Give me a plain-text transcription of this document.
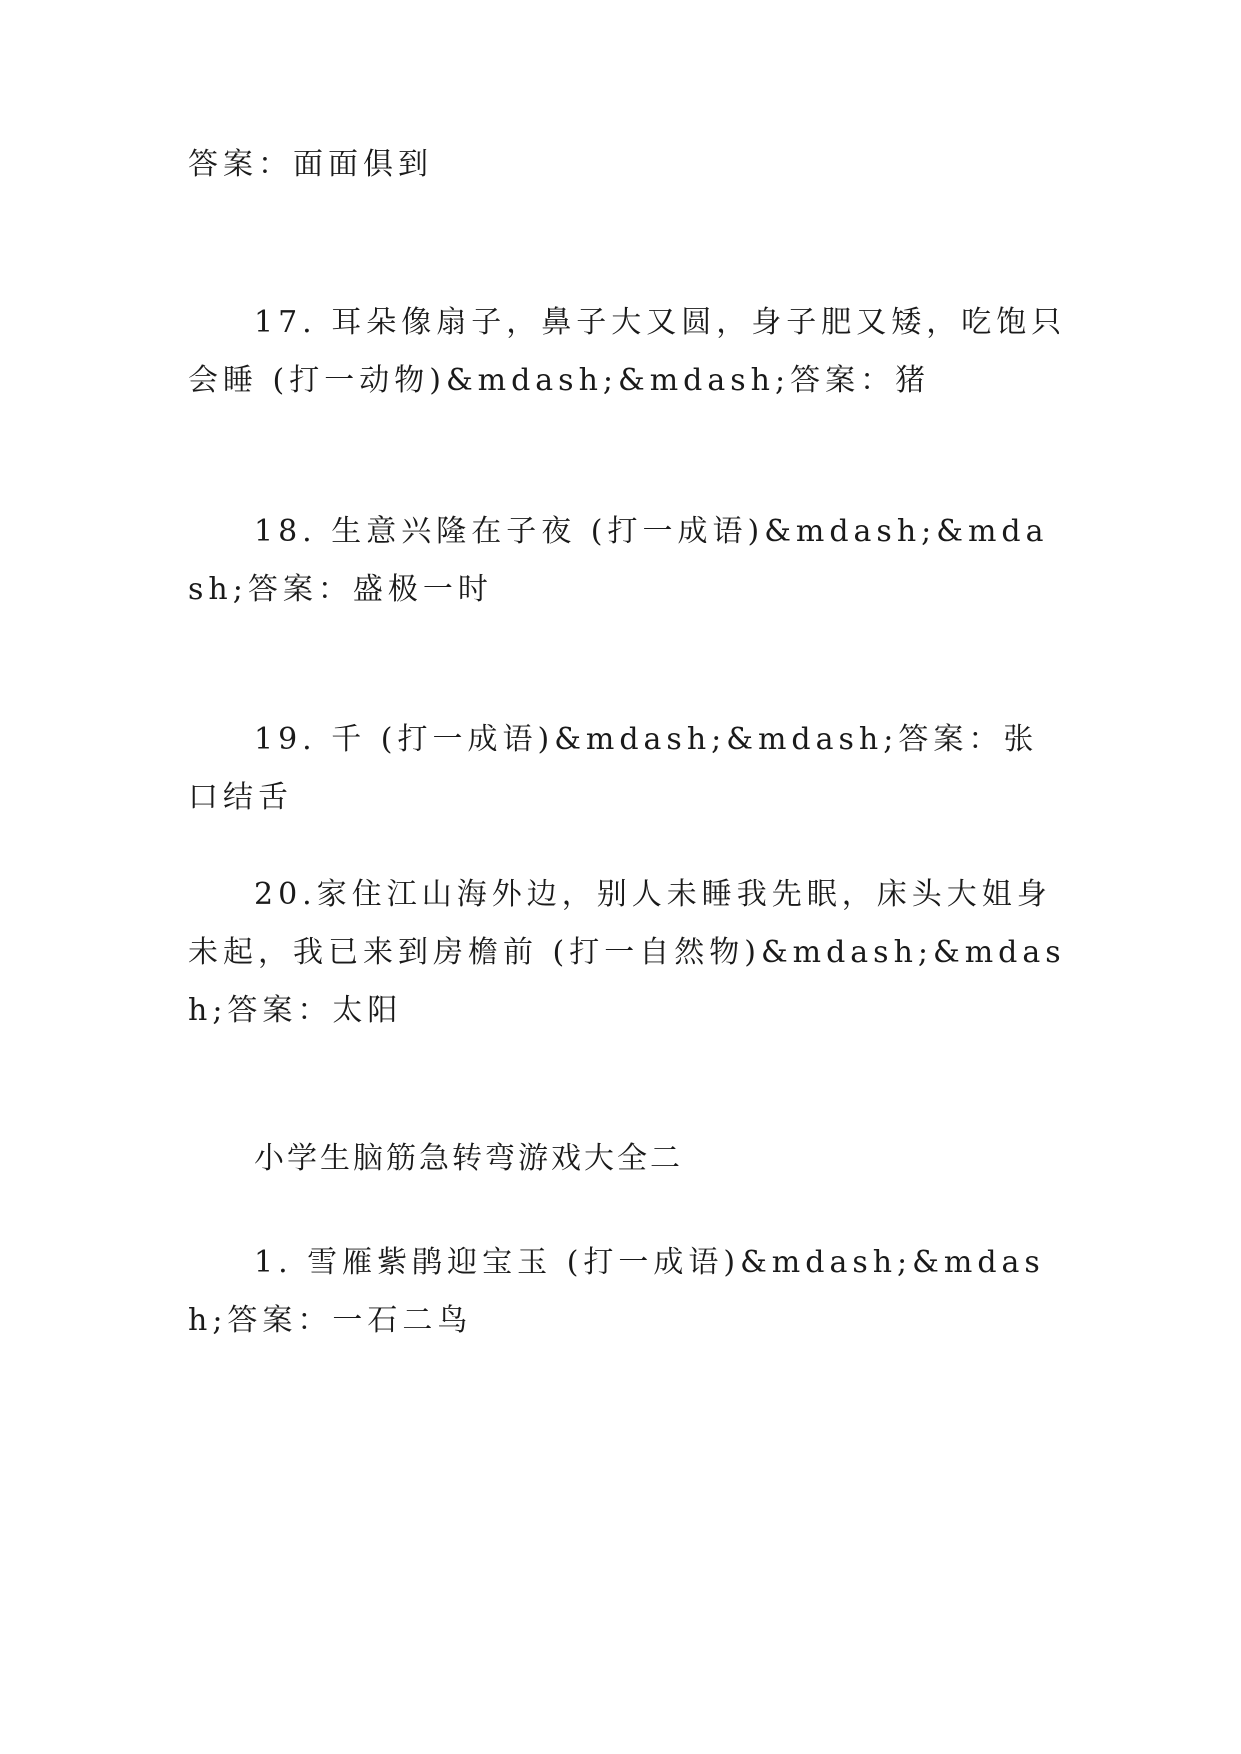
答案：面面俱到
17. 耳朵像扇子，鼻子大又圆，身子肥又矮，吃饱只会睡 (打一动物)&mdash;&mdash;答案：猪
18. 生意兴隆在子夜 (打一成语)&mdash;&mdash;答案：盛极一时
19. 千 (打一成语)&mdash;&mdash;答案：张口结舌
20.家住江山海外边，别人未睡我先眠，床头大姐身未起，我已来到房檐前 (打一自然物)&mdash;&mdash;答案：太阳
小学生脑筋急转弯游戏大全二
1. 雪雁紫鹃迎宝玉 (打一成语)&mdash;&mdash;答案：一石二鸟
